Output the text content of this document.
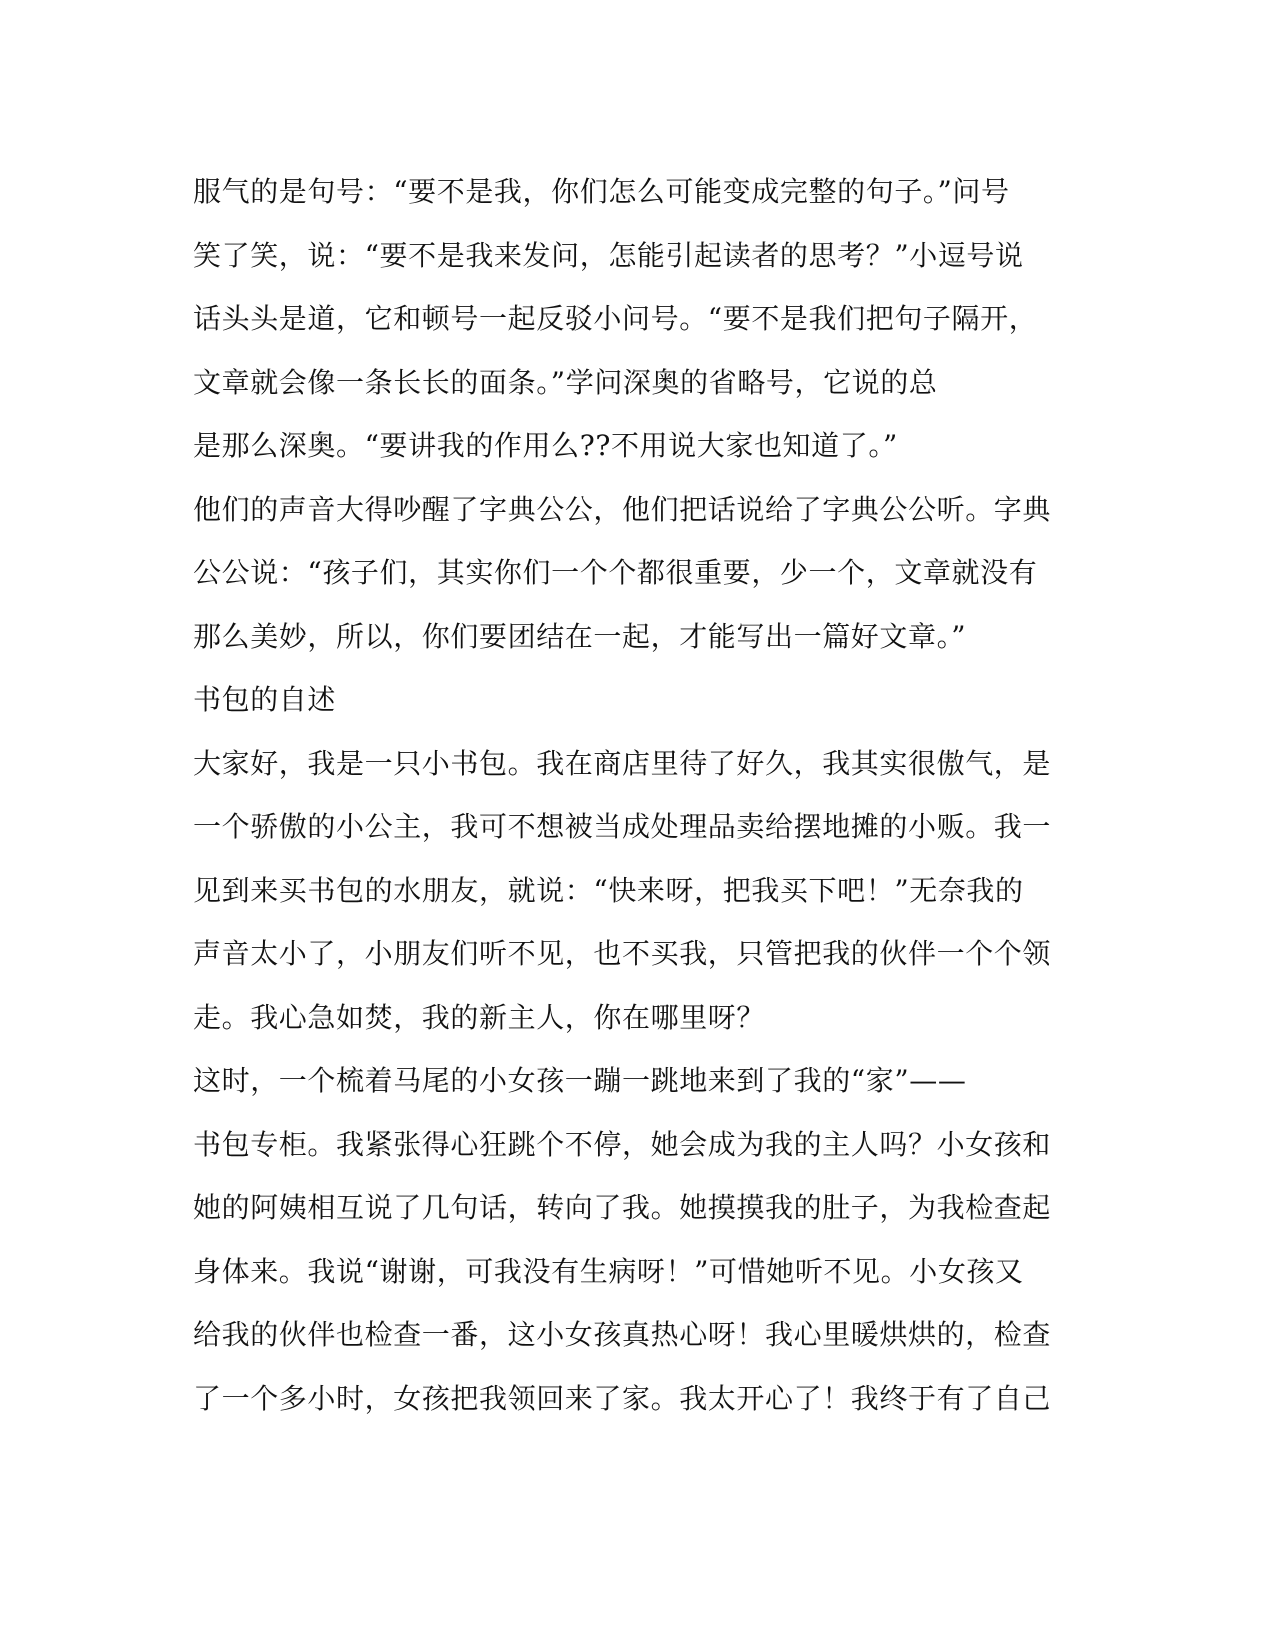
服气的是句号：“要不是我，你们怎么可能变成完整的句子。”问号
笑了笑，说：“要不是我来发问，怎能引起读者的思考？”小逗号说
话头头是道，它和顿号一起反驳小问号。“要不是我们把句子隔开，
文章就会像一条长长的面条。”学问深奥的省略号，它说的总
是那么深奥。“要讲我的作用么??不用说大家也知道了。”
他们的声音大得吵醒了字典公公，他们把话说给了字典公公听。字典
公公说：“孩子们，其实你们一个个都很重要，少一个，文章就没有
那么美妙，所以，你们要团结在一起，才能写出一篇好文章。”
书包的自述
大家好，我是一只小书包。我在商店里待了好久，我其实很傲气，是
一个骄傲的小公主，我可不想被当成处理品卖给摆地摊的小贩。我一
见到来买书包的水朋友，就说：“快来呀，把我买下吧！”无奈我的
声音太小了，小朋友们听不见，也不买我，只管把我的伙伴一个个领
走。我心急如焚，我的新主人，你在哪里呀？
这时，一个梳着马尾的小女孩一蹦一跳地来到了我的“家”——
书包专柜。我紧张得心狂跳个不停，她会成为我的主人吗？小女孩和
她的阿姨相互说了几句话，转向了我。她摸摸我的肚子，为我检查起
身体来。我说“谢谢，可我没有生病呀！”可惜她听不见。小女孩又
给我的伙伴也检查一番，这小女孩真热心呀！我心里暖烘烘的，检查
了一个多小时，女孩把我领回来了家。我太开心了！我终于有了自己
